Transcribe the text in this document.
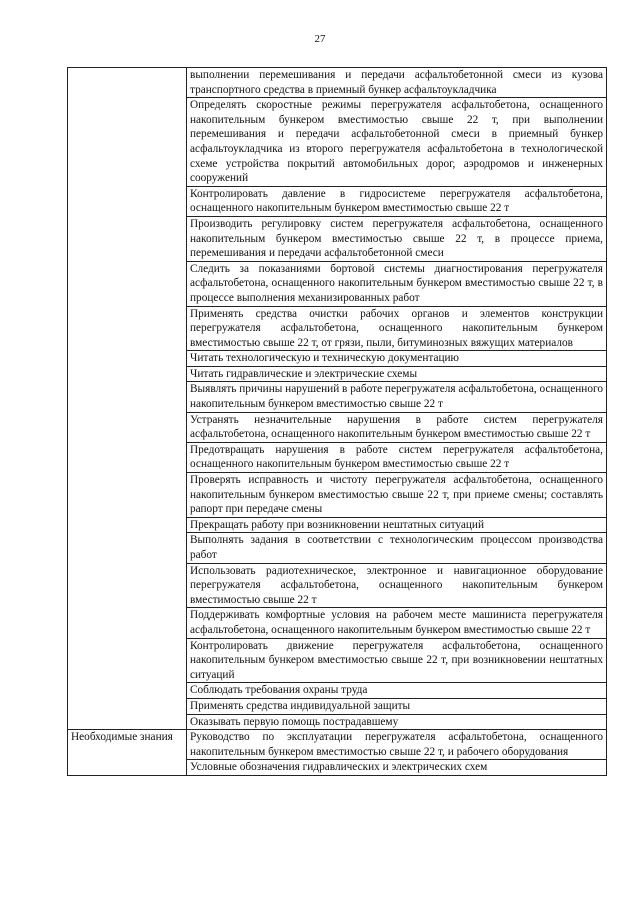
27

	выполнении перемешивания и передачи асфальтобетонной смеси из кузова транспортного средства в приемный бункер асфальтоукладчика

	Определять скоростные режимы перегружателя асфальтобетона, оснащенного накопительным бункером вместимостью свыше 22 т, при выполнении перемешивания и передачи асфальтобетонной смеси в приемный бункер асфальтоукладчика из второго перегружателя асфальтобетона в технологической схеме устройства покрытий автомобильных дорог, аэродромов и инженерных сооружений

	Контролировать давление в гидросистеме перегружателя асфальтобетона, оснащенного накопительным бункером вместимостью свыше 22 т

	Производить регулировку систем перегружателя асфальтобетона, оснащенного накопительным бункером вместимостью свыше 22 т, в процессе приема, перемешивания и передачи асфальтобетонной смеси

	Следить за показаниями бортовой системы диагностирования перегружателя асфальтобетона, оснащенного накопительным бункером вместимостью свыше 22 т, в процессе выполнения механизированных работ

	Применять средства очистки рабочих органов и элементов конструкции перегружателя асфальтобетона, оснащенного накопительным бункером вместимостью свыше 22 т, от грязи, пыли, битуминозных вяжущих материалов

	Читать технологическую и техническую документацию

	Читать гидравлические и электрические схемы

	Выявлять причины нарушений в работе перегружателя асфальтобетона, оснащенного накопительным бункером вместимостью свыше 22 т

	Устранять незначительные нарушения в работе систем перегружателя асфальтобетона, оснащенного накопительным бункером вместимостью свыше 22 т

	Предотвращать нарушения в работе систем перегружателя асфальтобетона, оснащенного накопительным бункером вместимостью свыше 22 т

	Проверять исправность и чистоту перегружателя асфальтобетона, оснащенного накопительным бункером вместимостью свыше 22 т, при приеме смены; составлять рапорт при передаче смены

	Прекращать работу при возникновении нештатных ситуаций

	Выполнять задания в соответствии с технологическим процессом производства работ

	Использовать радиотехническое, электронное и навигационное оборудование перегружателя асфальтобетона, оснащенного накопительным бункером вместимостью свыше 22 т

	Поддерживать комфортные условия на рабочем месте машиниста перегружателя асфальтобетона, оснащенного накопительным бункером вместимостью свыше 22 т

	Контролировать движение перегружателя асфальтобетона, оснащенного накопительным бункером вместимостью свыше 22 т, при возникновении нештатных ситуаций

	Соблюдать требования охраны труда

	Применять средства индивидуальной защиты

	Оказывать первую помощь пострадавшему

Необходимые знания	Руководство по эксплуатации перегружателя асфальтобетона, оснащенного накопительным бункером вместимостью свыше 22 т, и рабочего оборудования

	Условные обозначения гидравлических и электрических схем
